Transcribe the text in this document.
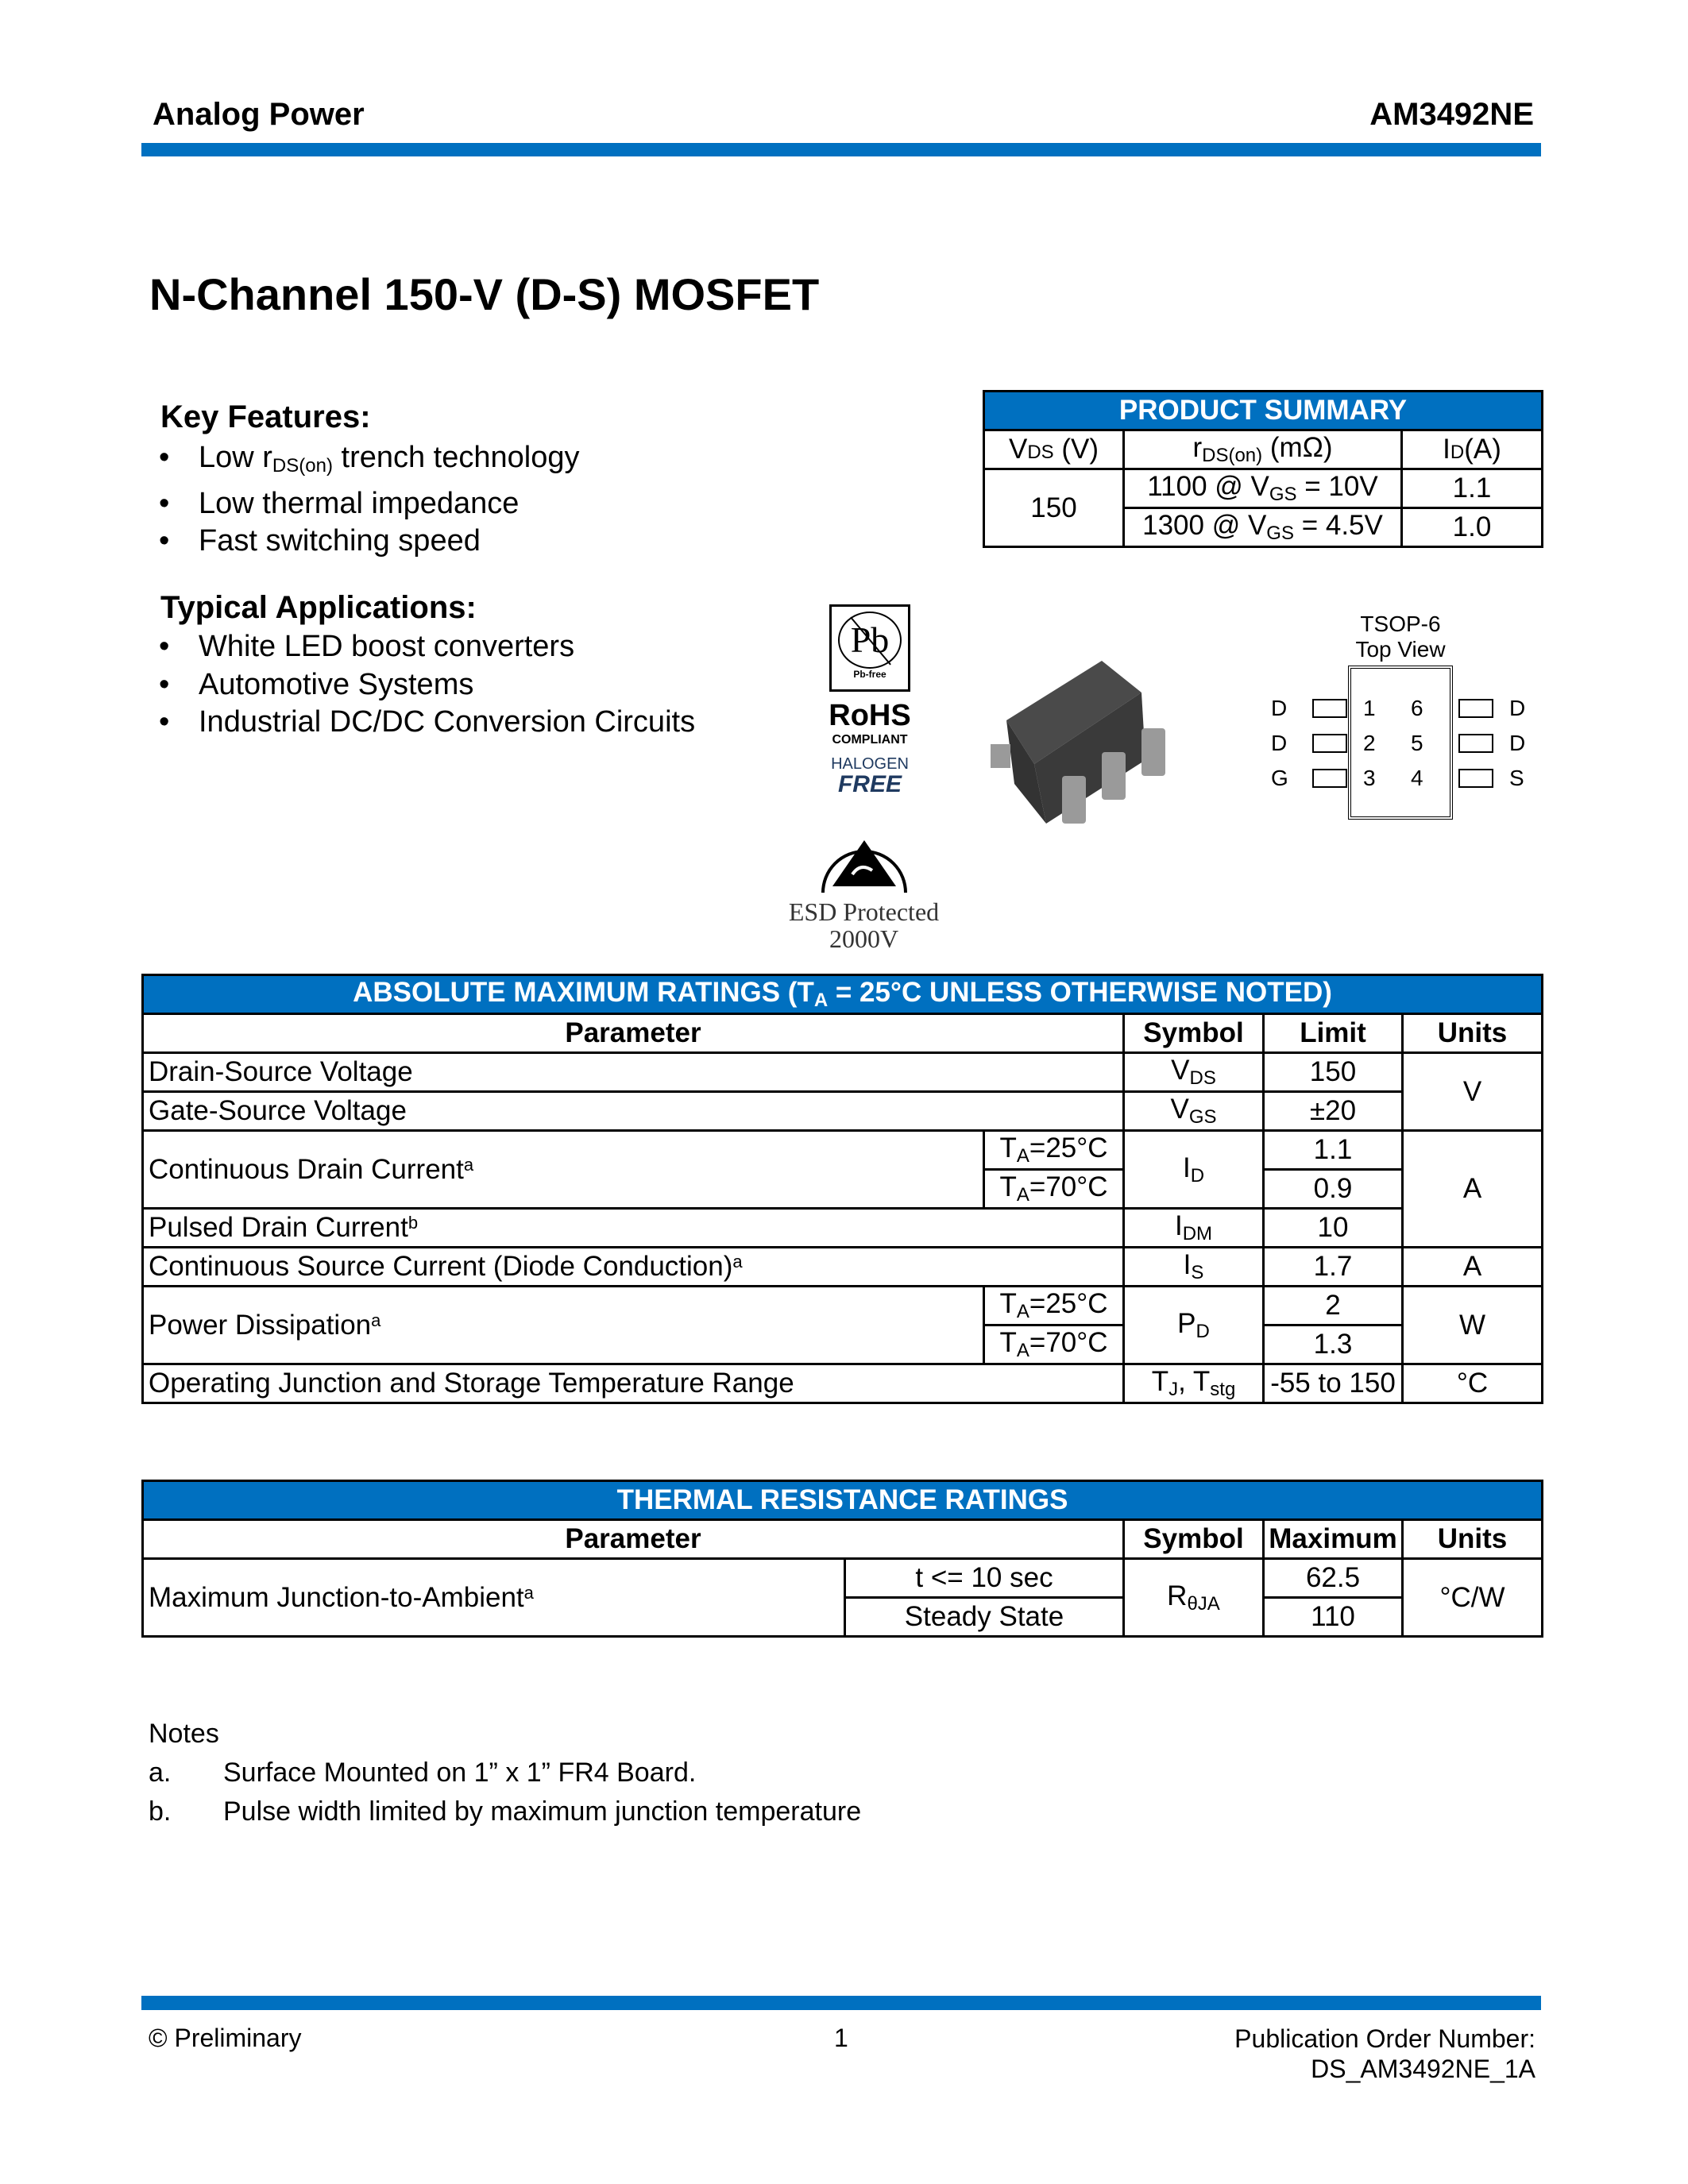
Analog Power	AM3492NE
N-Channel 150-V (D-S) MOSFET
Key Features:
• Low $r_{DS(on)}$ trench technology
• Low thermal impedance
• Fast switching speed
Typical Applications:
• White LED boost converters
• Automotive Systems
• Industrial DC/DC Conversion Circuits
PRODUCT SUMMARY		
VDS (V)	$r_{DS(on)}$ (mΩ)	ID(A)
150	1100 @ $V_{GS} = 10V$	1.1
	1300 @ $V_{GS} = 4.5V$	1.0
Pb
Pb-free
RoHS
COMPLIANT
HALOGEN
FREE
ESD Protected
2000V
TSOP-6
Top View
D	1	6	D
D	2	5	D
G	3	4	S
ABSOLUTE MAXIMUM RATINGS ($T_A = 25^\circ C$ UNLESS OTHERWISE NOTED)				
Parameter		Symbol	Limit	Units
Drain-Source Voltage		$V_{DS}$	150	V
Gate-Source Voltage		$V_{GS}$	±20	
Continuous Drain Current$^a$	$T_A=25^\circ C$	$I_D$	1.1	A
	$T_A=70^\circ C$		0.9	
Pulsed Drain Current$^b$		$I_{DM}$	10	
Continuous Source Current (Diode Conduction)$^a$		$I_S$	1.7	A
Power Dissipation$^a$	$T_A=25^\circ C$	$P_D$	2	W
	$T_A=70^\circ C$		1.3	
Operating Junction and Storage Temperature Range		$T_J$, $T_{stg}$	-55 to 150	°C
THERMAL RESISTANCE RATINGS				
Parameter		Symbol	Maximum	Units
Maximum Junction-to-Ambient$^a$	t <= 10 sec	$R_{\theta JA}$	62.5	°C/W
	Steady State		110	
Notes
a. Surface Mounted on 1” x 1” FR4 Board.
b. Pulse width limited by maximum junction temperature
© Preliminary	1	Publication Order Number:
DS_AM3492NE_1A
